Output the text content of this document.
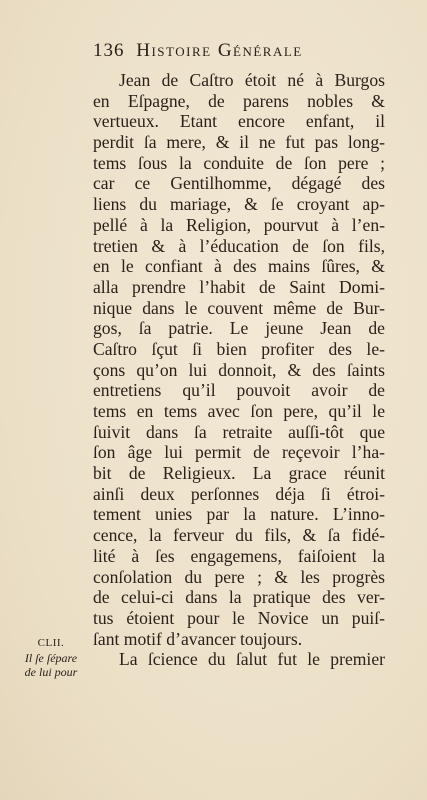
136 Histoire Générale
Jean de Caſtro étoit né à Burgos
en Eſpagne, de parens nobles &
vertueux. Etant encore enfant, il
perdit ſa mere, & il ne fut pas long-
tems ſous la conduite de ſon pere ;
car ce Gentilhomme, dégagé des
liens du mariage, & ſe croyant ap-
pellé à la Religion, pourvut à l’en-
tretien & à l’éducation de ſon fils,
en le confiant à des mains ſûres, &
alla prendre l’habit de Saint Domi-
nique dans le couvent même de Bur-
gos, ſa patrie. Le jeune Jean de
Caſtro ſçut ſi bien profiter des le-
çons qu’on lui donnoit, & des ſaints
entretiens qu’il pouvoit avoir de
tems en tems avec ſon pere, qu’il le
ſuivit dans ſa retraite auſſi-tôt que
ſon âge lui permit de reçevoir l’ha-
bit de Religieux. La grace réunit
ainſi deux perſonnes déja ſi étroi-
tement unies par la nature. L’inno-
cence, la ferveur du fils, & ſa fidé-
lité à ſes engagemens, faiſoient la
conſolation du pere ; & les progrès
de celui-ci dans la pratique des ver-
tus étoient pour le Novice un puiſ-
ſant motif d’avancer toujours.
La ſcience du ſalut fut le premier
CLII.
Il ſe ſépare
de lui pour
